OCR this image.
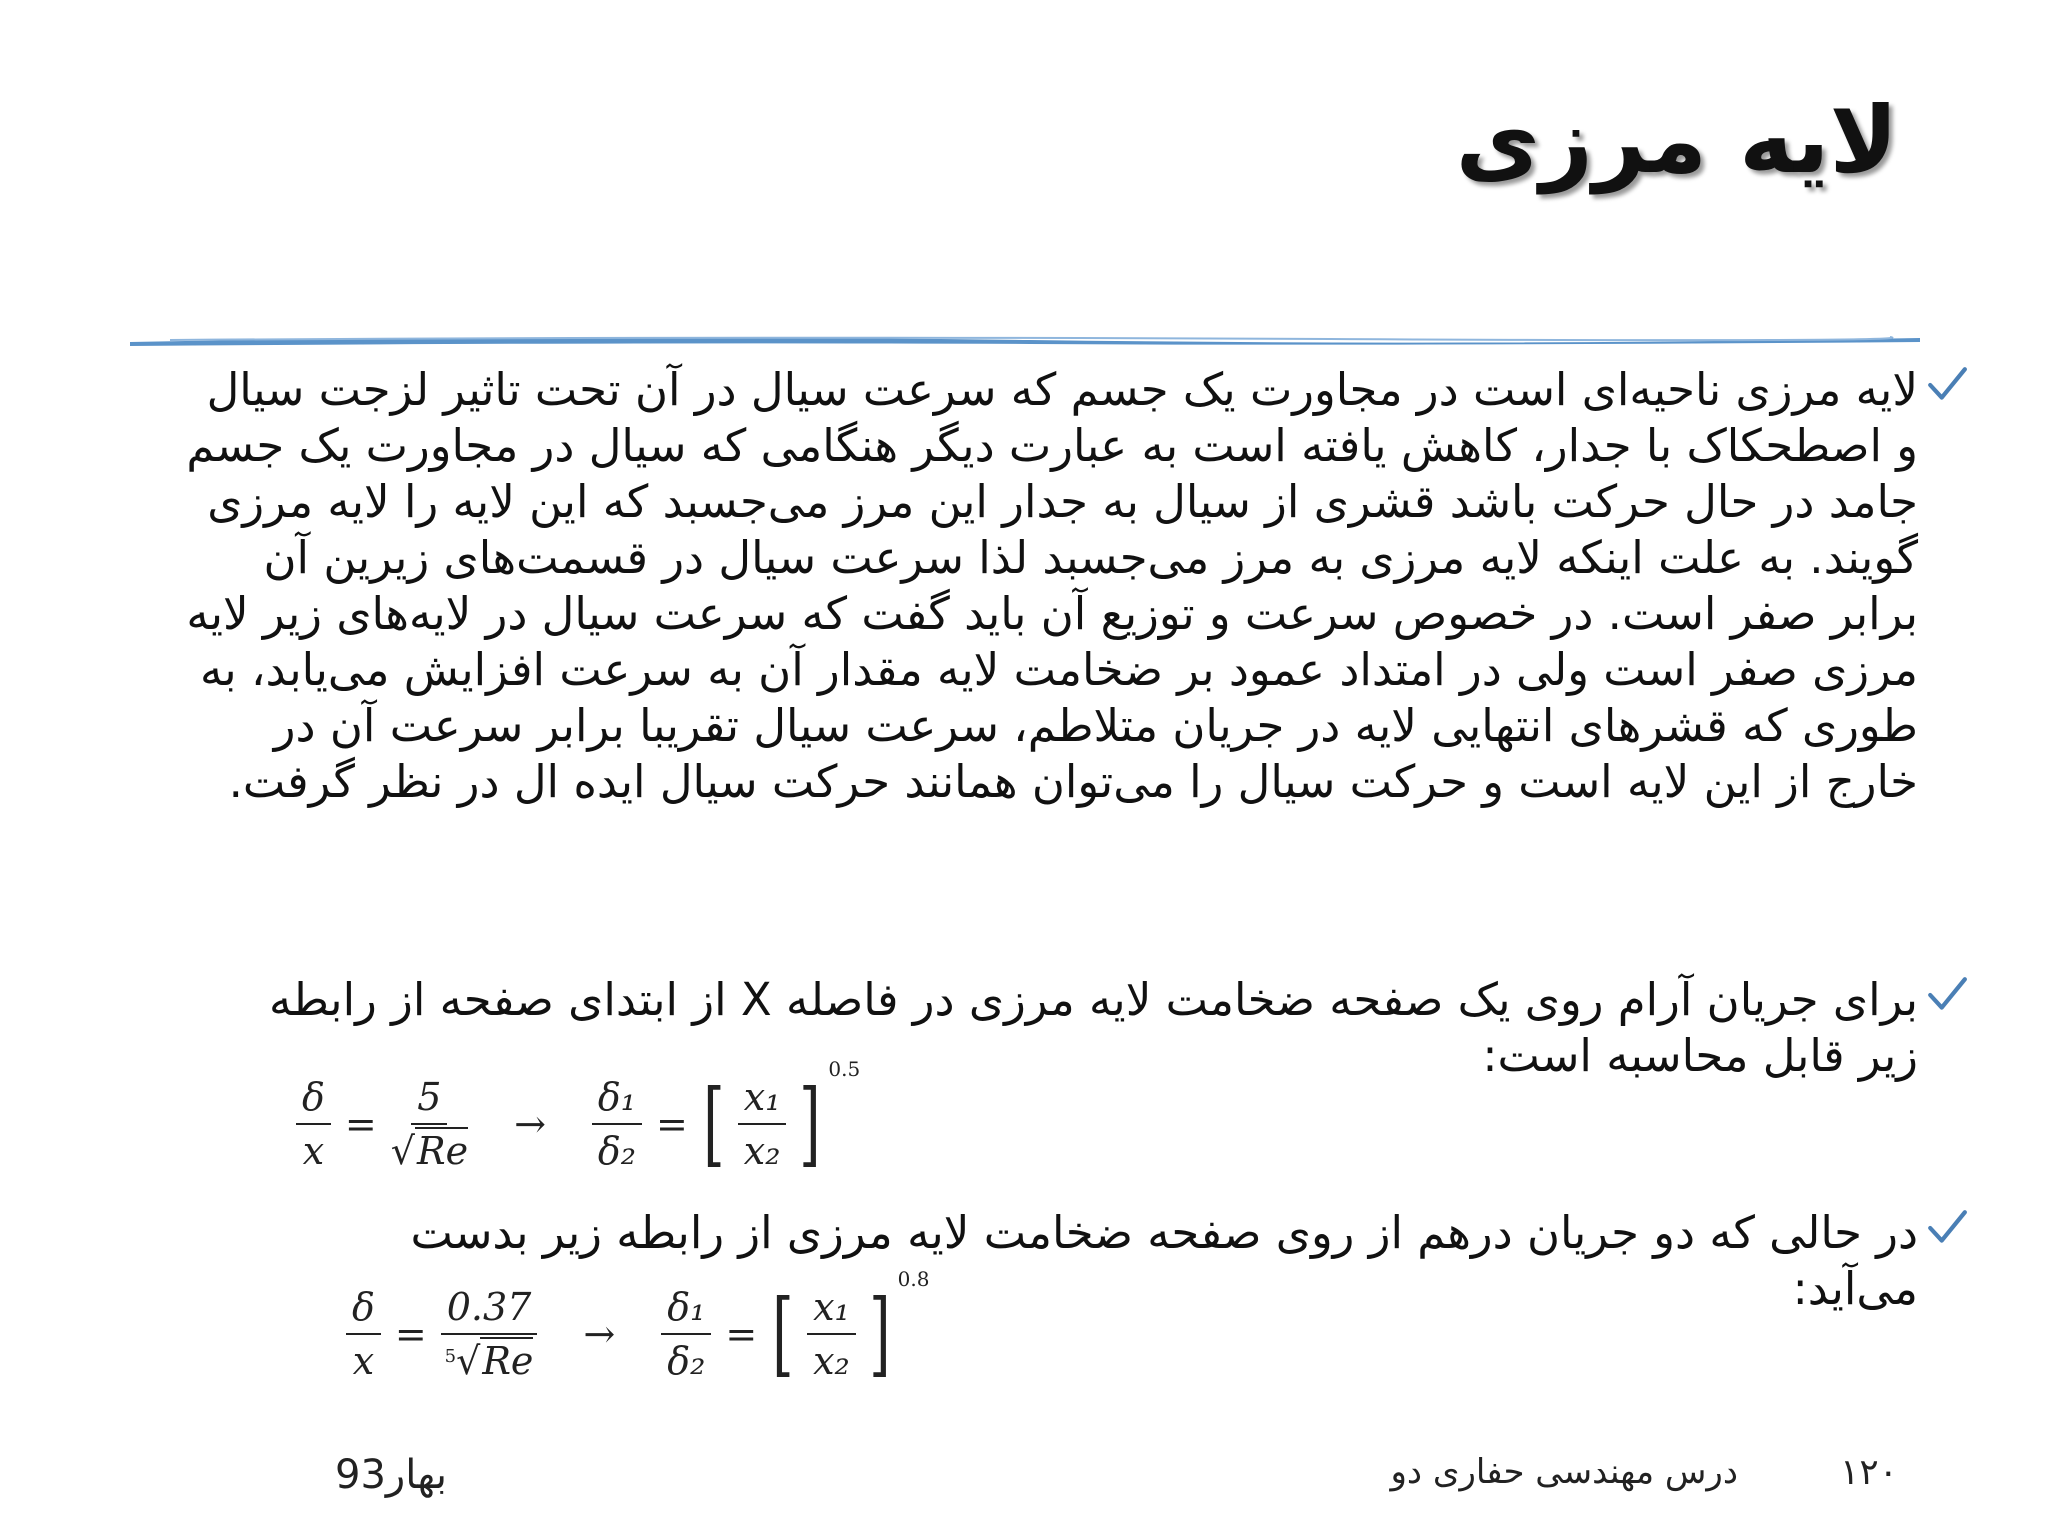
لایه مرزی
لایه مرزی ناحیه‌ای است در مجاورت یک جسم که سرعت سیال در آن تحت تاثیر لزجت سیال و اصطحکاک با جدار، کاهش یافته است به عبارت دیگر هنگامی که سیال در مجاورت یک جسم جامد در حال حرکت باشد قشری از سیال به جدار این مرز می‌جسبد که این لایه را لایه مرزی گویند. به علت اینکه لایه مرزی به مرز می‌جسبد لذا سرعت سیال در قسمت‌های زیرین آن برابر صفر است. در خصوص سرعت و توزیع آن باید گفت که سرعت سیال در لایه‌های زیر لایه مرزی صفر است ولی در امتداد عمود بر ضخامت لایه مقدار آن به سرعت افزایش می‌یابد، به طوری که قشرهای انتهایی لایه در جریان متلاطم، سرعت سیال تقریبا برابر سرعت آن در خارج از این لایه است و حرکت سیال را می‌توان همانند حرکت سیال ایده ال در نظر گرفت.
برای جریان آرام روی یک صفحه ضخامت لایه مرزی در فاصله X از ابتدای صفحه از رابطه زیر قابل محاسبه است:
$\frac{\delta}{x} = \frac{5}{√Re} \to \frac{\text{δ₁}}{\text{δ₂}}$ = [ $\frac{\text{x₁}}{\text{x₂}}$ ]
$^{0.5}$
در حالی که دو جریان درهم از روی صفحه ضخامت لایه مرزی از رابطه زیر بدست می‌آید:
$\frac{\delta}{x} = \frac{0.37}{^5√Re} \to \frac{\text{δ₁}}{\text{δ₂}}$ = [ $\frac{\text{x₁}}{\text{x₂}}$ ]
$^{0.8}$
درس مهندسی حفاری دو	۱۲۰
بهار93
